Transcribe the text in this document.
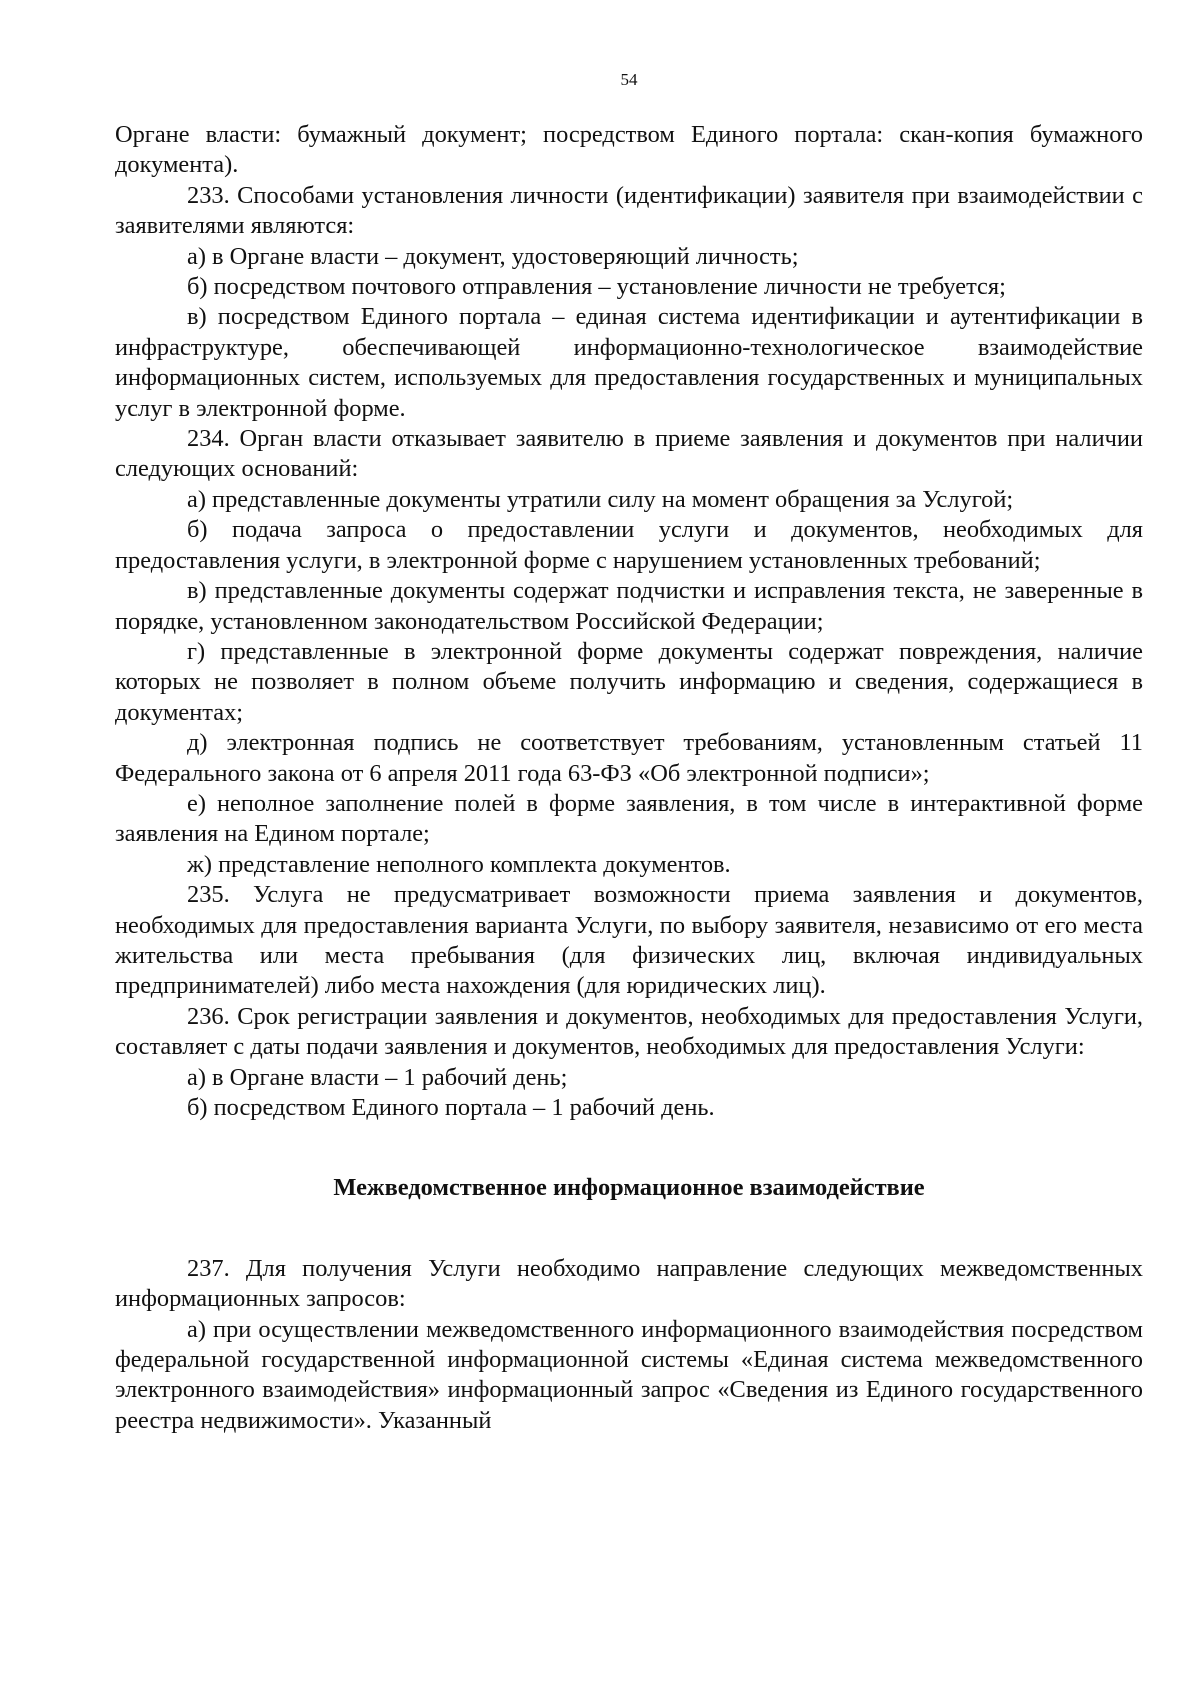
54

Органе власти: бумажный документ; посредством Единого портала: скан-копия бумажного документа).

233. Способами установления личности (идентификации) заявителя при взаимодействии с заявителями являются:

а) в Органе власти – документ, удостоверяющий личность;

б) посредством почтового отправления – установление личности не требуется;

в) посредством Единого портала – единая система идентификации и аутентификации в инфраструктуре, обеспечивающей информационно-технологическое взаимодействие информационных систем, используемых для предоставления государственных и муниципальных услуг в электронной форме.

234. Орган власти отказывает заявителю в приеме заявления и документов при наличии следующих оснований:

а) представленные документы утратили силу на момент обращения за Услугой;

б) подача запроса о предоставлении услуги и документов, необходимых для предоставления услуги, в электронной форме с нарушением установленных требований;

в) представленные документы содержат подчистки и исправления текста, не заверенные в порядке, установленном законодательством Российской Федерации;

г) представленные в электронной форме документы содержат повреждения, наличие которых не позволяет в полном объеме получить информацию и сведения, содержащиеся в документах;

д) электронная подпись не соответствует требованиям, установленным статьей 11 Федерального закона от 6 апреля 2011 года 63-ФЗ «Об электронной подписи»;

е) неполное заполнение полей в форме заявления, в том числе в интерактивной форме заявления на Едином портале;

ж) представление неполного комплекта документов.

235. Услуга не предусматривает возможности приема заявления и документов, необходимых для предоставления варианта Услуги, по выбору заявителя, независимо от его места жительства или места пребывания (для физических лиц, включая индивидуальных предпринимателей) либо места нахождения (для юридических лиц).

236. Срок регистрации заявления и документов, необходимых для предоставления Услуги, составляет с даты подачи заявления и документов, необходимых для предоставления Услуги:

а) в Органе власти – 1 рабочий день;

б) посредством Единого портала – 1 рабочий день.

Межведомственное информационное взаимодействие

237. Для получения Услуги необходимо направление следующих межведомственных информационных запросов:

а) при осуществлении межведомственного информационного взаимодействия посредством федеральной государственной информационной системы «Единая система межведомственного электронного взаимодействия» информационный запрос «Сведения из Единого государственного реестра недвижимости». Указанный
